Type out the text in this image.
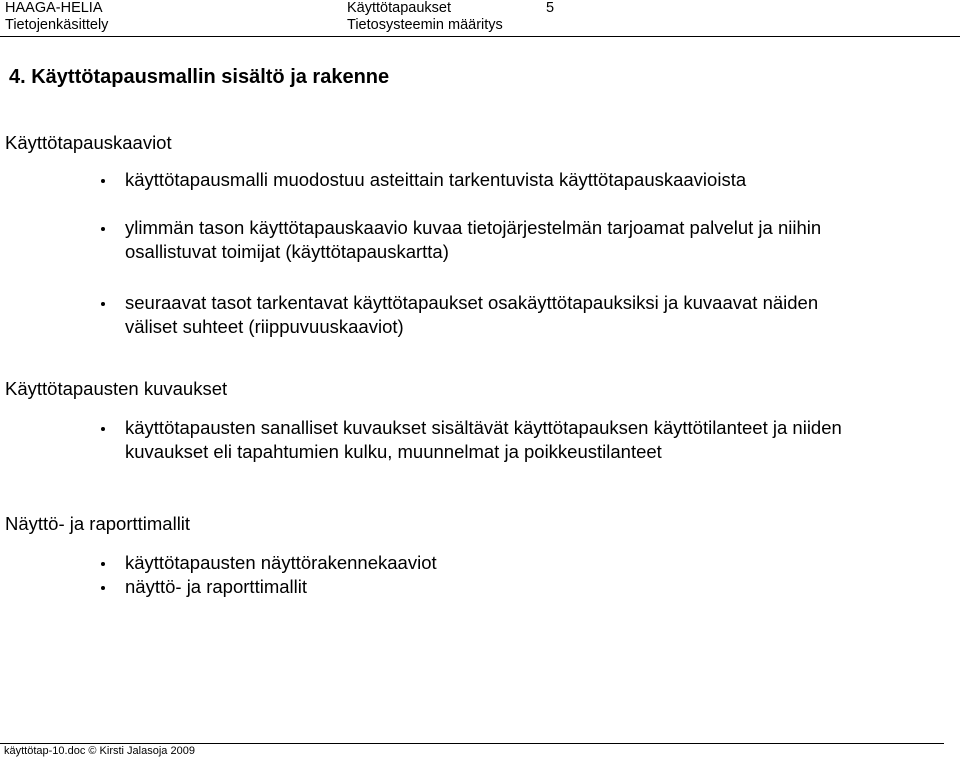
HAAGA-HELIA
Tietojenkäsittely
Käyttötapaukset
Tietosysteemin määritys
5
4. Käyttötapausmallin sisältö ja rakenne
Käyttötapauskaaviot
käyttötapausmalli muodostuu asteittain tarkentuvista käyttötapauskaavioista
ylimmän tason käyttötapauskaavio kuvaa tietojärjestelmän tarjoamat palvelut ja niihin osallistuvat toimijat (käyttötapauskartta)
seuraavat tasot tarkentavat käyttötapaukset osakäyttötapauksiksi ja kuvaavat näiden väliset suhteet (riippuvuuskaaviot)
Käyttötapausten kuvaukset
käyttötapausten sanalliset kuvaukset sisältävät käyttötapauksen käyttötilanteet ja niiden kuvaukset eli tapahtumien kulku, muunnelmat ja poikkeustilanteet
Näyttö- ja raporttimallit
käyttötapausten näyttörakennekaaviot
näyttö- ja raporttimallit
käyttötap-10.doc © Kirsti Jalasoja 2009
